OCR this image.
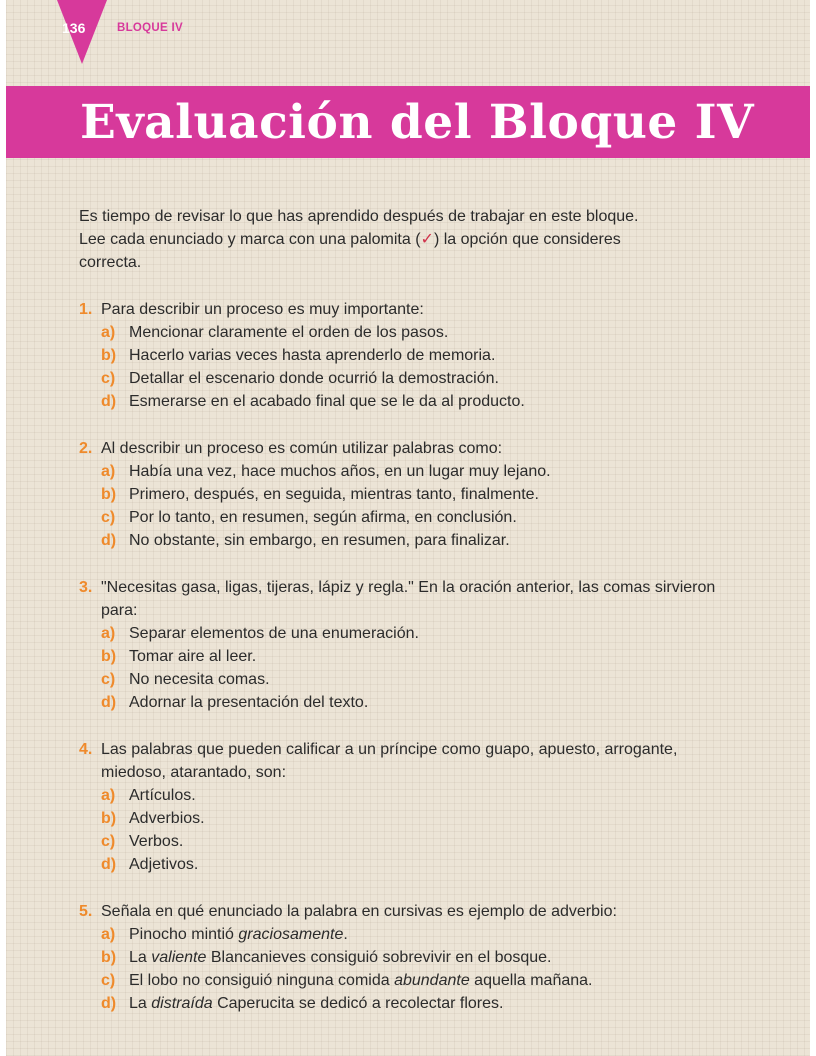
136	BLOQUE IV
Evaluación del Bloque IV
Es tiempo de revisar lo que has aprendido después de trabajar en este bloque.
Lee cada enunciado y marca con una palomita (✓) la opción que consideres
correcta.
1. Para describir un proceso es muy importante:
a) Mencionar claramente el orden de los pasos.
b) Hacerlo varias veces hasta aprenderlo de memoria.
c) Detallar el escenario donde ocurrió la demostración.
d) Esmerarse en el acabado final que se le da al producto.
2. Al describir un proceso es común utilizar palabras como:
a) Había una vez, hace muchos años, en un lugar muy lejano.
b) Primero, después, en seguida, mientras tanto, finalmente.
c) Por lo tanto, en resumen, según afirma, en conclusión.
d) No obstante, sin embargo, en resumen, para finalizar.
3. "Necesitas gasa, ligas, tijeras, lápiz y regla." En la oración anterior, las comas sirvieron para:
a) Separar elementos de una enumeración.
b) Tomar aire al leer.
c) No necesita comas.
d) Adornar la presentación del texto.
4. Las palabras que pueden calificar a un príncipe como guapo, apuesto, arrogante, miedoso, atarantado, son:
a) Artículos.
b) Adverbios.
c) Verbos.
d) Adjetivos.
5. Señala en qué enunciado la palabra en cursivas es ejemplo de adverbio:
a) Pinocho mintió graciosamente.
b) La valiente Blancanieves consiguió sobrevivir en el bosque.
c) El lobo no consiguió ninguna comida abundante aquella mañana.
d) La distraída Caperucita se dedicó a recolectar flores.
